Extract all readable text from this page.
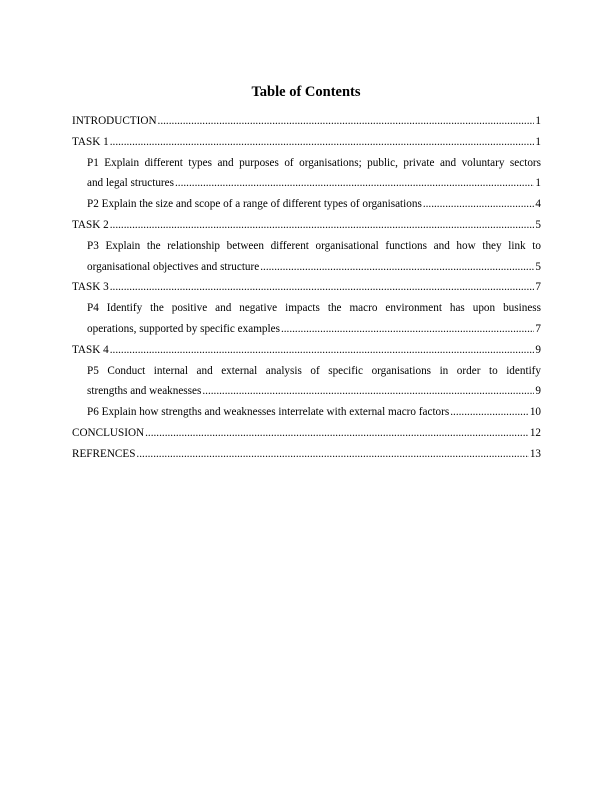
Table of Contents
INTRODUCTION .....	1
TASK 1 .....	1
P1 Explain different types and purposes of organisations; public, private and voluntary sectors
and legal structures .....	1
P2 Explain the size and scope of a range of different types of organisations .....	4
TASK 2 .....	5
P3 Explain the relationship between different organisational functions and how they link to
organisational objectives and structure .....	5
TASK 3 .....	7
P4 Identify the positive and negative impacts the macro environment has upon business
operations, supported by specific examples .....	7
TASK 4 .....	9
P5 Conduct internal and external analysis of specific organisations in order to identify
strengths and weaknesses .....	9
P6 Explain how strengths and weaknesses interrelate with external macro factors .....	10
CONCLUSION .....	12
REFRENCES .....	13
